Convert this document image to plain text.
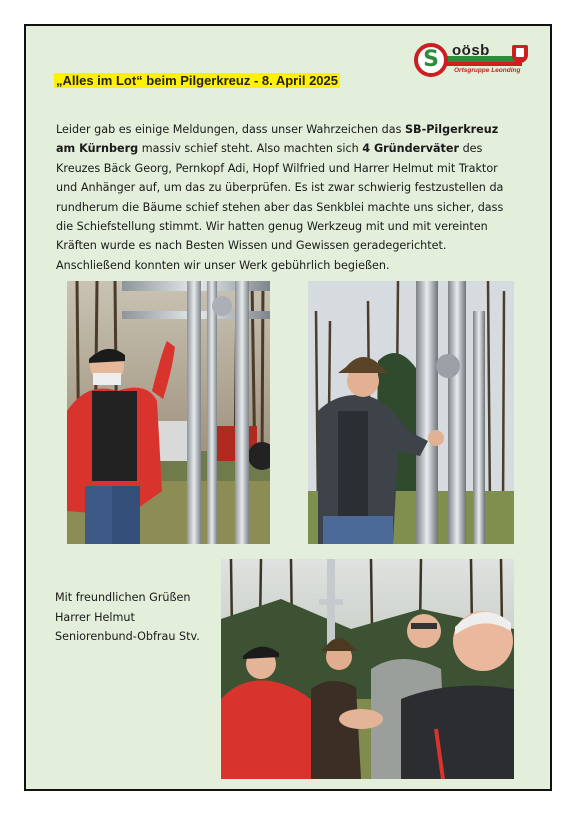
S oösb
Ortsgruppe Leonding
„Alles im Lot“ beim Pilgerkreuz - 8. April 2025

Leider gab es einige Meldungen, dass unser Wahrzeichen das SB-Pilgerkreuz am Kürnberg massiv schief steht. Also machten sich 4 Gründerväter des Kreuzes Bäck Georg, Pernkopf Adi, Hopf Wilfried und Harrer Helmut mit Traktor und Anhänger auf, um das zu überprüfen. Es ist zwar schwierig festzustellen da rundherum die Bäume schief stehen aber das Senkblei machte uns sicher, dass die Schiefstellung stimmt. Wir hatten genug Werkzeug mit und mit vereinten Kräften wurde es nach Besten Wissen und Gewissen geradegerichtet.
Anschließend konnten wir unser Werk gebührlich begießen.

Mit freundlichen Grüßen
Harrer Helmut
Seniorenbund-Obfrau Stv.
